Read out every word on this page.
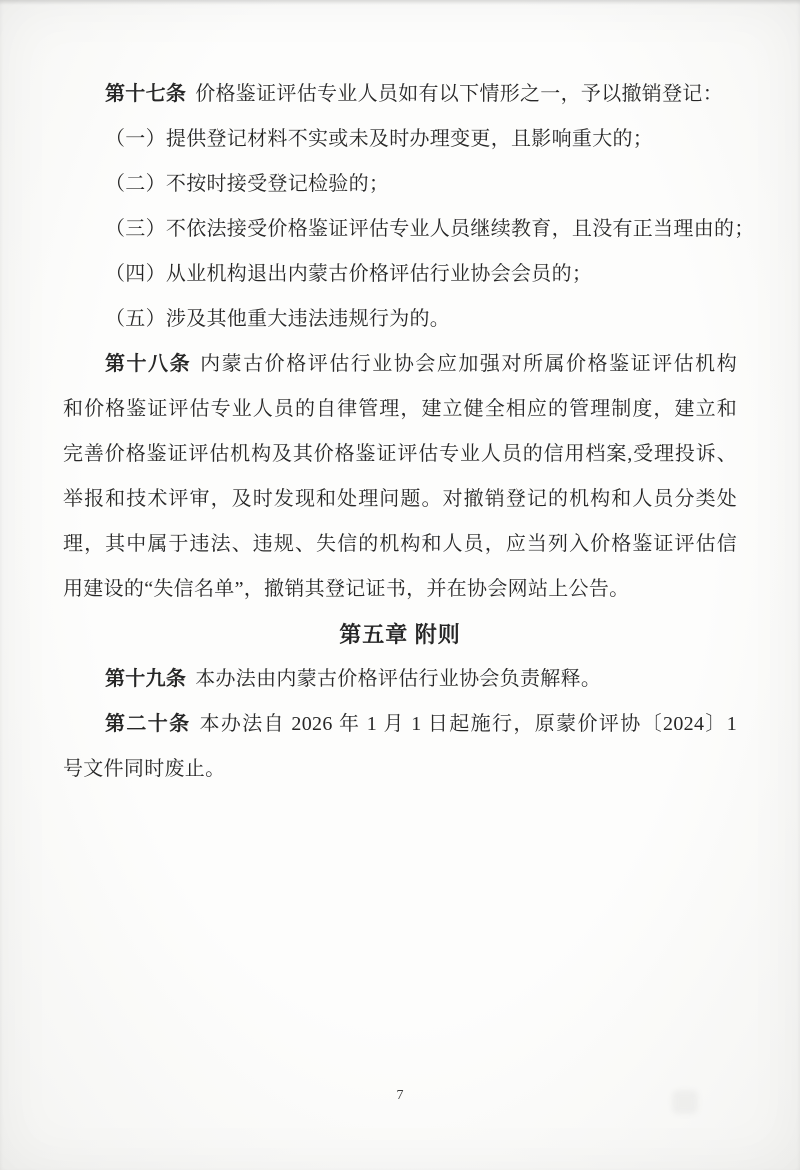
第十七条 价格鉴证评估专业人员如有以下情形之一，予以撤销登记：
（一）提供登记材料不实或未及时办理变更，且影响重大的；
（二）不按时接受登记检验的；
（三）不依法接受价格鉴证评估专业人员继续教育，且没有正当理由的；
（四）从业机构退出内蒙古价格评估行业协会会员的；
（五）涉及其他重大违法违规行为的。
第十八条 内蒙古价格评估行业协会应加强对所属价格鉴证评估机构
和价格鉴证评估专业人员的自律管理，建立健全相应的管理制度，建立和
完善价格鉴证评估机构及其价格鉴证评估专业人员的信用档案,受理投诉、
举报和技术评审，及时发现和处理问题。对撤销登记的机构和人员分类处
理，其中属于违法、违规、失信的机构和人员，应当列入价格鉴证评估信
用建设的“失信名单”，撤销其登记证书，并在协会网站上公告。
第五章 附则
第十九条 本办法由内蒙古价格评估行业协会负责解释。
第二十条 本办法自 2026 年 1 月 1 日起施行，原蒙价评协〔2024〕1
号文件同时废止。
7
